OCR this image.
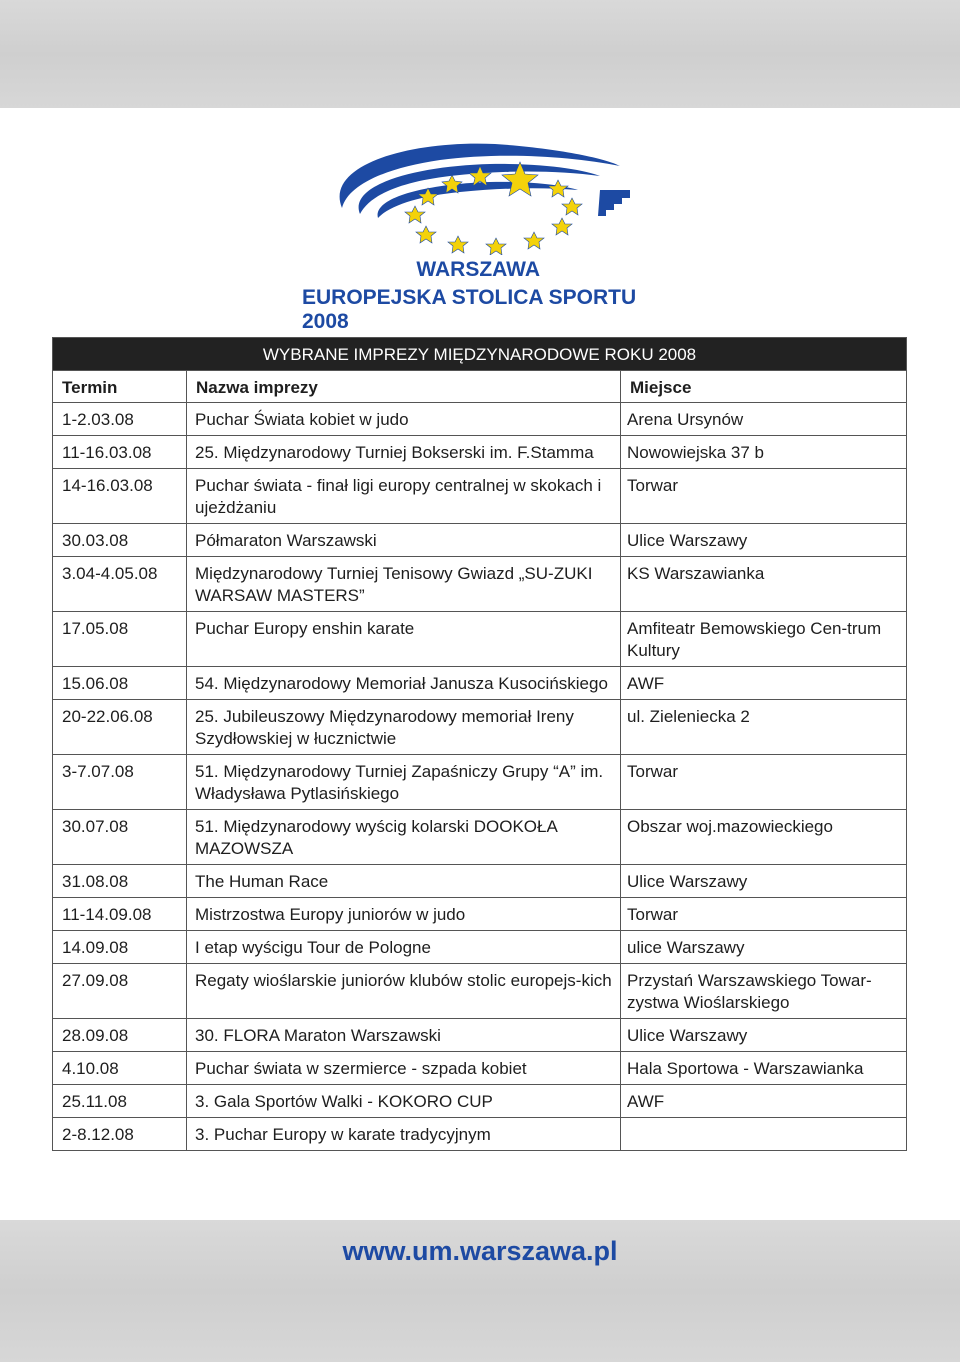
WARSZAWA
EUROPEJSKA STOLICA SPORTU 2008
WYBRANE IMPREZY MIĘDZYNARODOWE ROKU 2008		
Termin	Nazwa imprezy	Miejsce
1-2.03.08	Puchar Świata kobiet w judo	Arena Ursynów
11-16.03.08	25. Międzynarodowy Turniej Bokserski im. F.Stamma	Nowowiejska 37 b
14-16.03.08	Puchar świata - finał ligi europy centralnej w skokach i ujeżdżaniu	Torwar
30.03.08	Półmaraton Warszawski	Ulice Warszawy
3.04-4.05.08	Międzynarodowy Turniej Tenisowy Gwiazd „SU-ZUKI WARSAW MASTERS”	KS Warszawianka
17.05.08	Puchar Europy enshin karate	Amfiteatr Bemowskiego Cen-trum Kultury
15.06.08	54. Międzynarodowy Memoriał Janusza Kusocińskiego	AWF
20-22.06.08	25. Jubileuszowy Międzynarodowy memoriał Ireny Szydłowskiej w łucznictwie	ul. Zieleniecka 2
3-7.07.08	51. Międzynarodowy Turniej Zapaśniczy Grupy “A” im. Władysława Pytlasińskiego	Torwar
30.07.08	51. Międzynarodowy wyścig kolarski DOOKOŁA MAZOWSZA	Obszar woj.mazowieckiego
31.08.08	The Human Race	Ulice Warszawy
11-14.09.08	Mistrzostwa Europy juniorów w judo	Torwar
14.09.08	I etap wyścigu Tour de Pologne	ulice Warszawy
27.09.08	Regaty wioślarskie juniorów klubów stolic europejs-kich	Przystań Warszawskiego Towar-zystwa Wioślarskiego
28.09.08	30. FLORA Maraton Warszawski	Ulice Warszawy
4.10.08	Puchar świata w szermierce - szpada kobiet	Hala Sportowa - Warszawianka
25.11.08	3. Gala Sportów Walki - KOKORO CUP	AWF
2-8.12.08	3. Puchar Europy w karate tradycyjnym	
www.um.warszawa.pl
